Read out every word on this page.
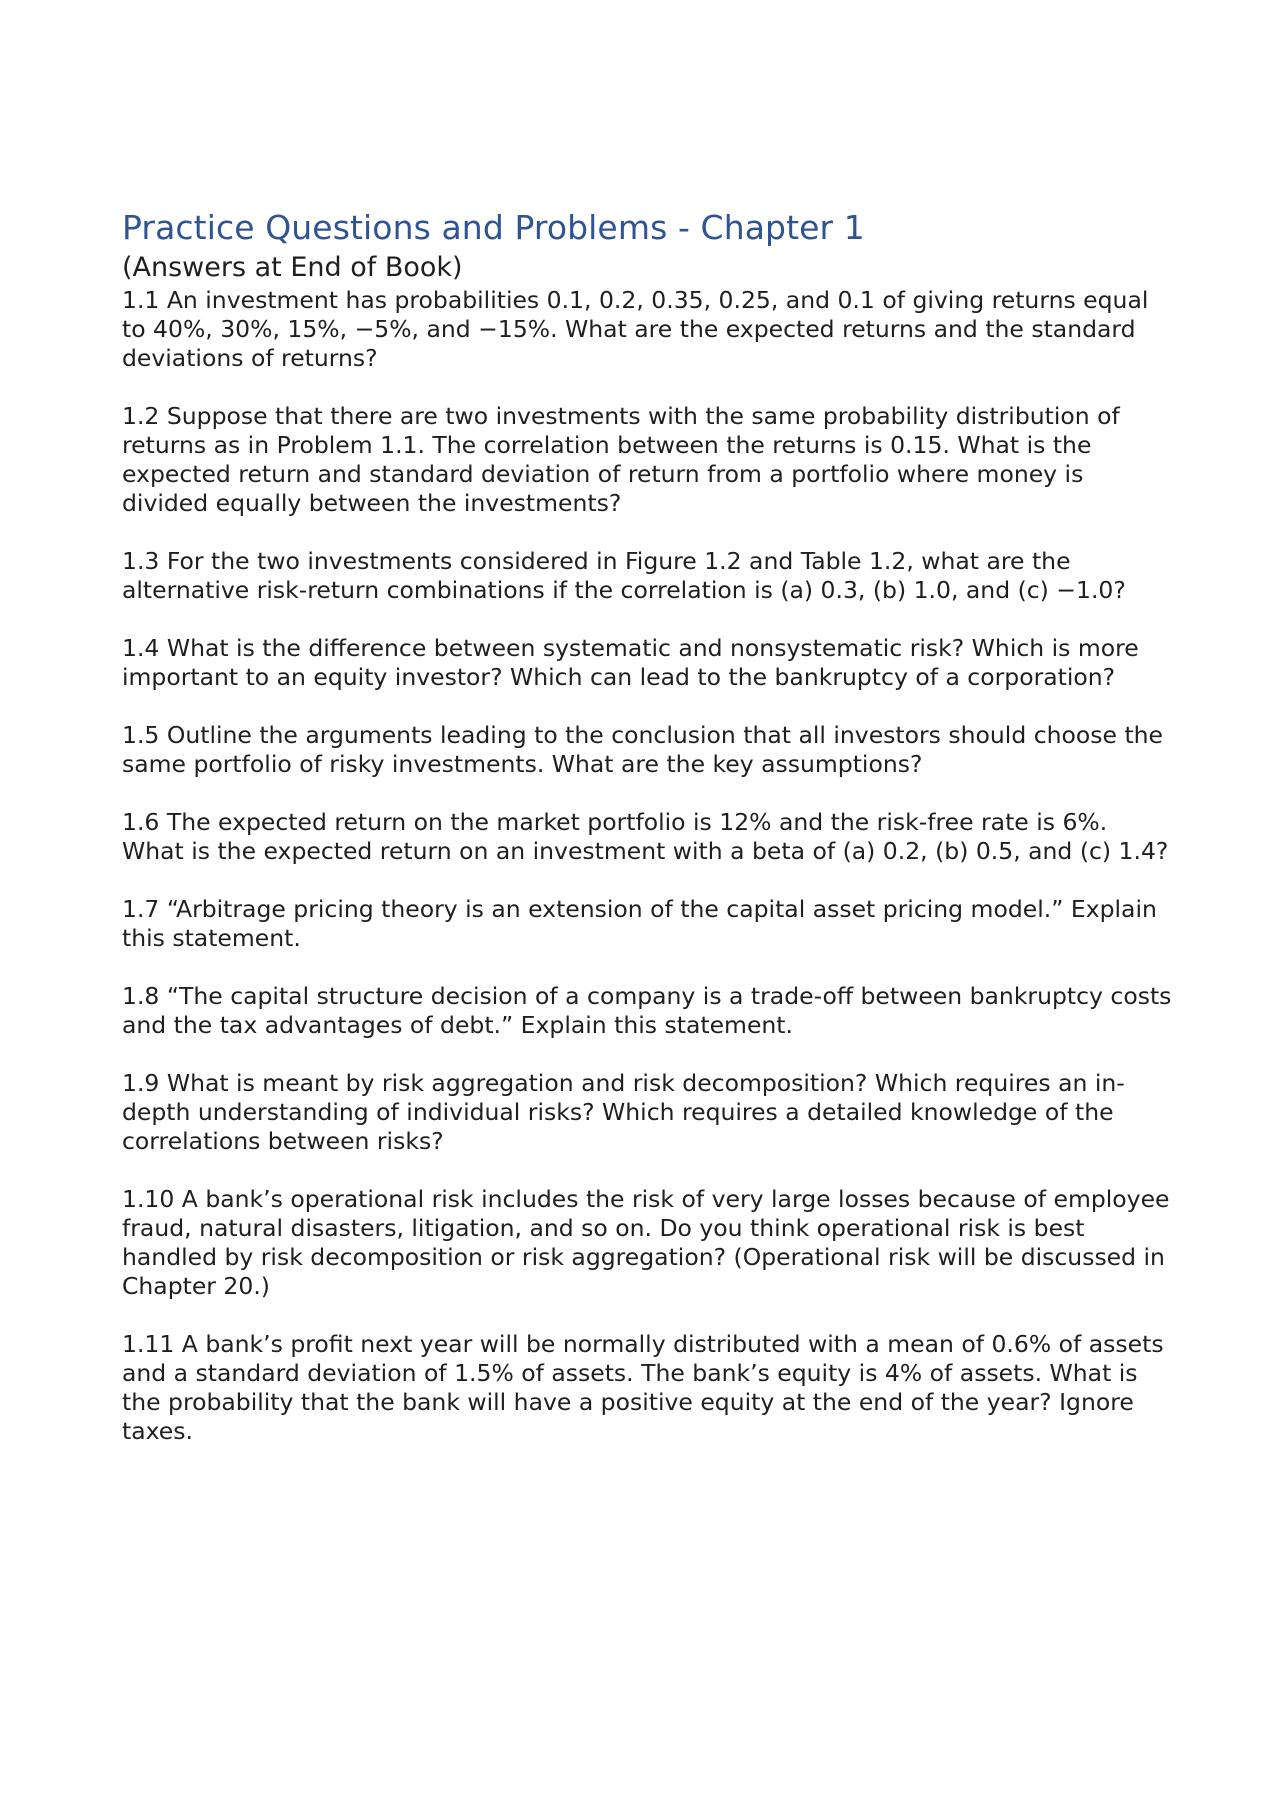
Practice Questions and Problems - Chapter 1
(Answers at End of Book)

1.1 An investment has probabilities 0.1, 0.2, 0.35, 0.25, and 0.1 of giving returns equal to 40%, 30%, 15%, −5%, and −15%. What are the expected returns and the standard deviations of returns?

1.2 Suppose that there are two investments with the same probability distribution of returns as in Problem 1.1. The correlation between the returns is 0.15. What is the expected return and standard deviation of return from a portfolio where money is divided equally between the investments?

1.3 For the two investments considered in Figure 1.2 and Table 1.2, what are the alternative risk-return combinations if the correlation is (a) 0.3, (b) 1.0, and (c) −1.0?

1.4 What is the difference between systematic and nonsystematic risk? Which is more important to an equity investor? Which can lead to the bankruptcy of a corporation?

1.5 Outline the arguments leading to the conclusion that all investors should choose the same portfolio of risky investments. What are the key assumptions?

1.6 The expected return on the market portfolio is 12% and the risk-free rate is 6%. What is the expected return on an investment with a beta of (a) 0.2, (b) 0.5, and (c) 1.4?

1.7 “Arbitrage pricing theory is an extension of the capital asset pricing model.” Explain this statement.

1.8 “The capital structure decision of a company is a trade-off between bankruptcy costs and the tax advantages of debt.” Explain this statement.

1.9 What is meant by risk aggregation and risk decomposition? Which requires an in-depth understanding of individual risks? Which requires a detailed knowledge of the correlations between risks?

1.10 A bank’s operational risk includes the risk of very large losses because of employee fraud, natural disasters, litigation, and so on. Do you think operational risk is best handled by risk decomposition or risk aggregation? (Operational risk will be discussed in Chapter 20.)

1.11 A bank’s profit next year will be normally distributed with a mean of 0.6% of assets and a standard deviation of 1.5% of assets. The bank’s equity is 4% of assets. What is the probability that the bank will have a positive equity at the end of the year? Ignore taxes.
